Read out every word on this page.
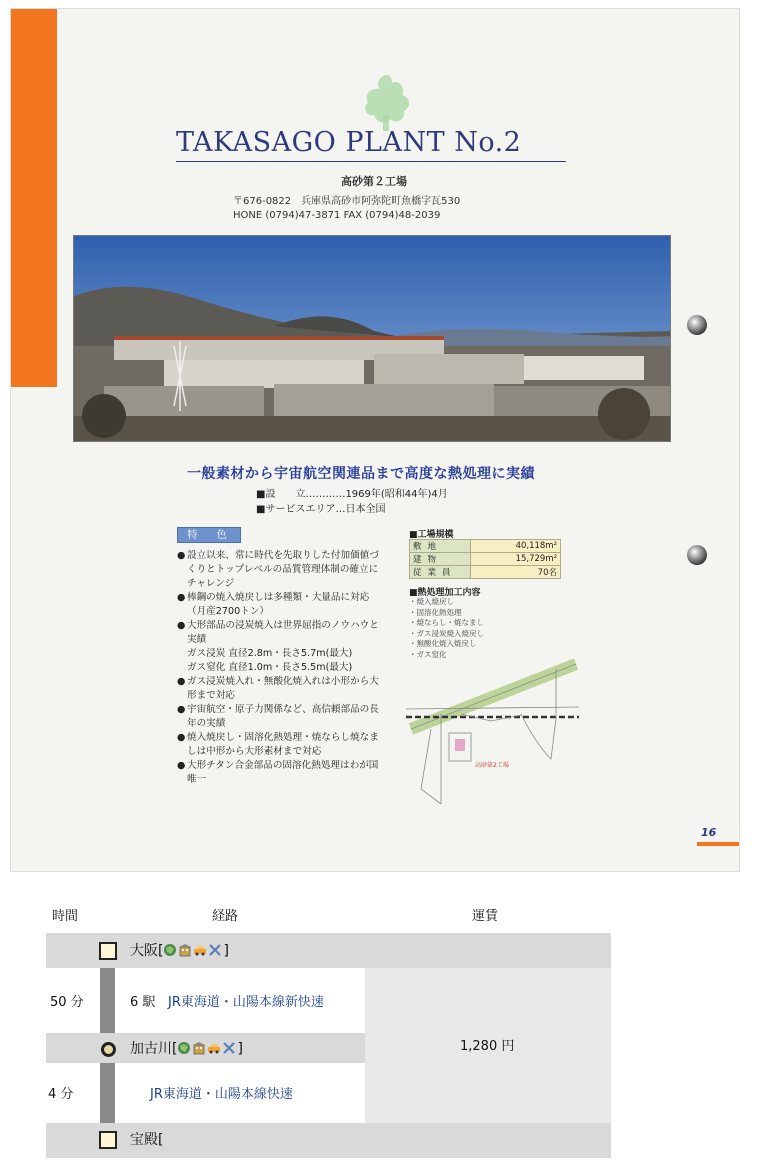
TAKASAGO PLANT No.2
高砂第２工場
〒676-0822　兵庫県高砂市阿弥陀町魚橋字瓦530
HONE (0794)47-3871 FAX (0794)48-2039
一般素材から宇宙航空関連品まで高度な熱処理に実績
■設　　立…………1969年(昭和44年)4月
■サービスエリア…日本全国
特 色
● 設立以来、常に時代を先取りした付加価値づくりとトップレベルの品質管理体制の確立にチャレンジ
● 棒鋼の焼入焼戻しは多種類・大量品に対応（月産2700トン）
● 大形部品の浸炭焼入は世界屈指のノウハウと実績
ガス浸炭 直径2.8m・長さ5.7m(最大)
ガス窒化 直径1.0m・長さ5.5m(最大)
● ガス浸炭焼入れ・無酸化焼入れは小形から大形まで対応
● 宇宙航空・原子力関係など、高信頼部品の長年の実績
● 焼入焼戻し・固溶化熱処理・焼ならし焼なましは中形から大形素材まで対応
● 大形チタン合金部品の固溶化熱処理はわが国唯一
■工場規模
敷地	40,118m²
建物	15,729m²
従業員	70名
■熱処理加工内容
・焼入焼戻し
・固溶化熱処理
・焼ならし・焼なまし
・ガス浸炭焼入焼戻し
・無酸化焼入焼戻し
・ガス窒化
高砂第2工場
16
時間	経路	運賃
大阪[	]
50 分	6 駅 JR東海道・山陽本線新快速
加古川[	]	1,280 円
4 分	JR東海道・山陽本線快速
宝殿[
